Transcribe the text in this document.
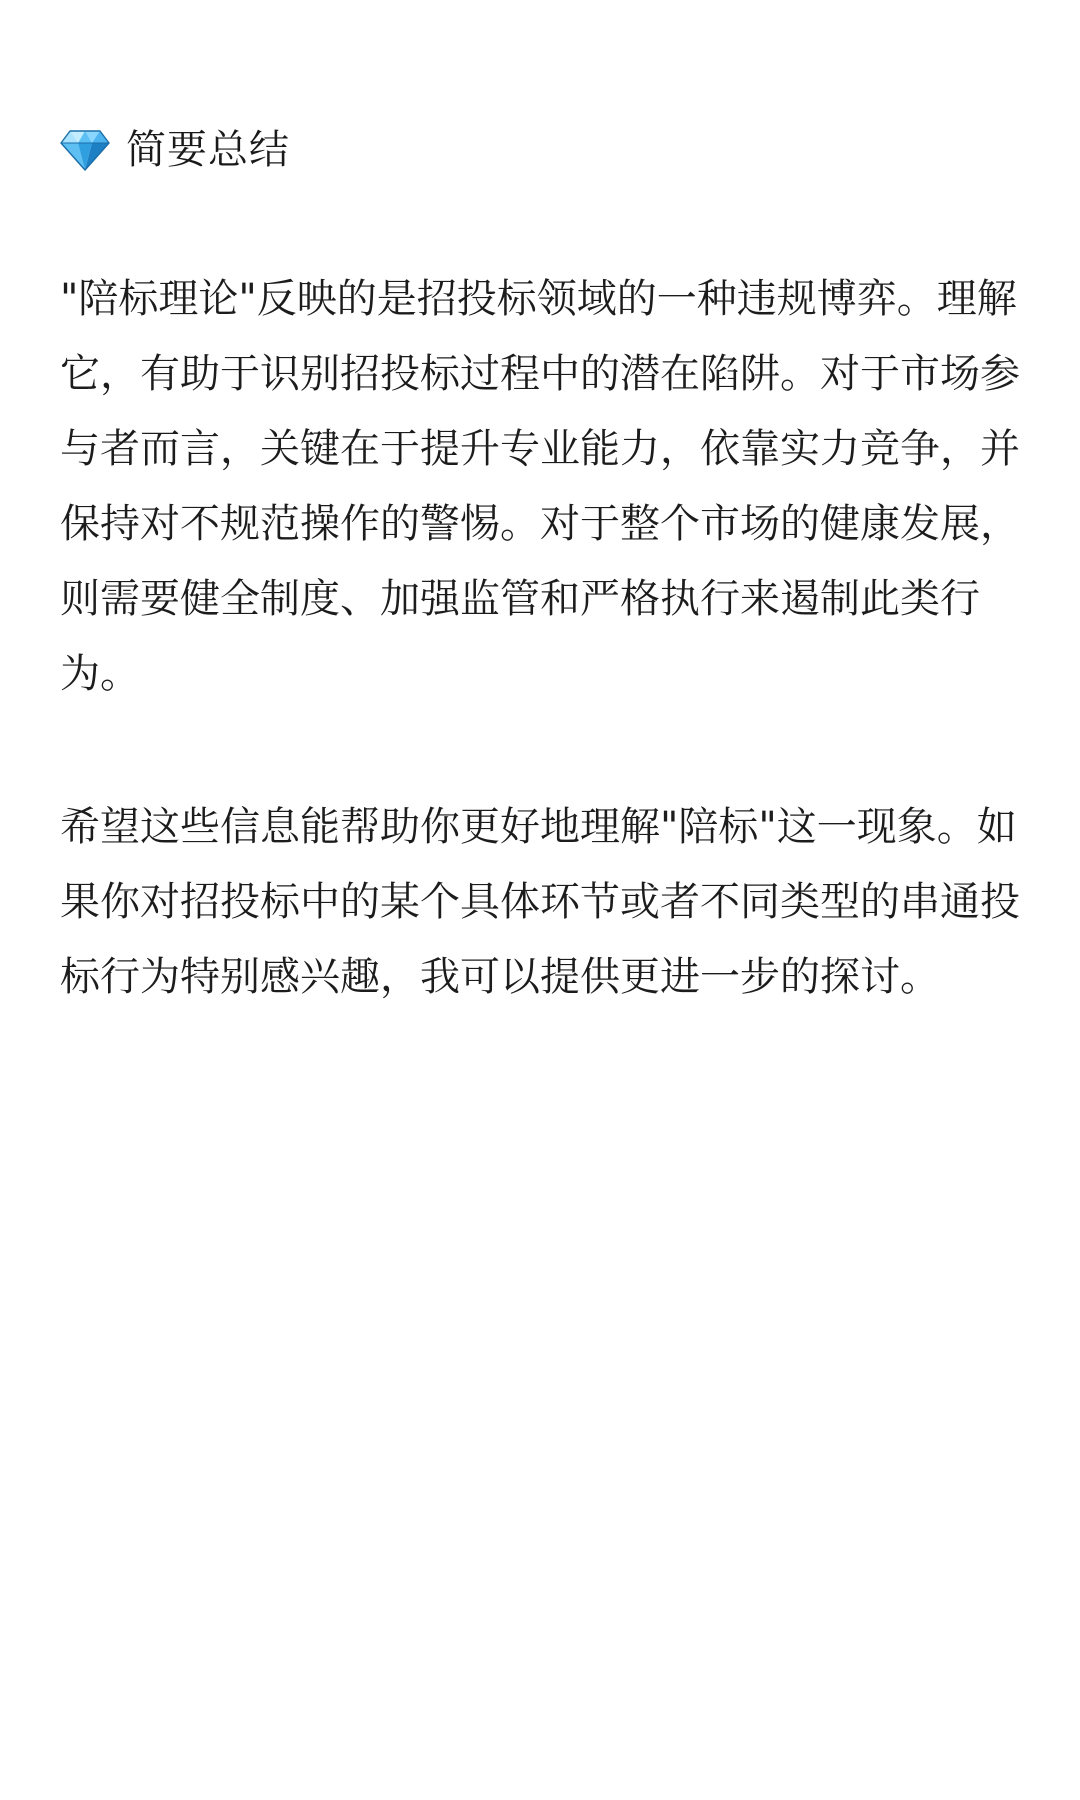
简要总结

"陪标理论"反映的是招投标领域的一种违规博弈。理解它，有助于识别招投标过程中的潜在陷阱。对于市场参与者而言，关键在于提升专业能力，依靠实力竞争，并保持对不规范操作的警惕。对于整个市场的健康发展，则需要健全制度、加强监管和严格执行来遏制此类行为。

希望这些信息能帮助你更好地理解"陪标"这一现象。如果你对招投标中的某个具体环节或者不同类型的串通投标行为特别感兴趣，我可以提供更进一步的探讨。
